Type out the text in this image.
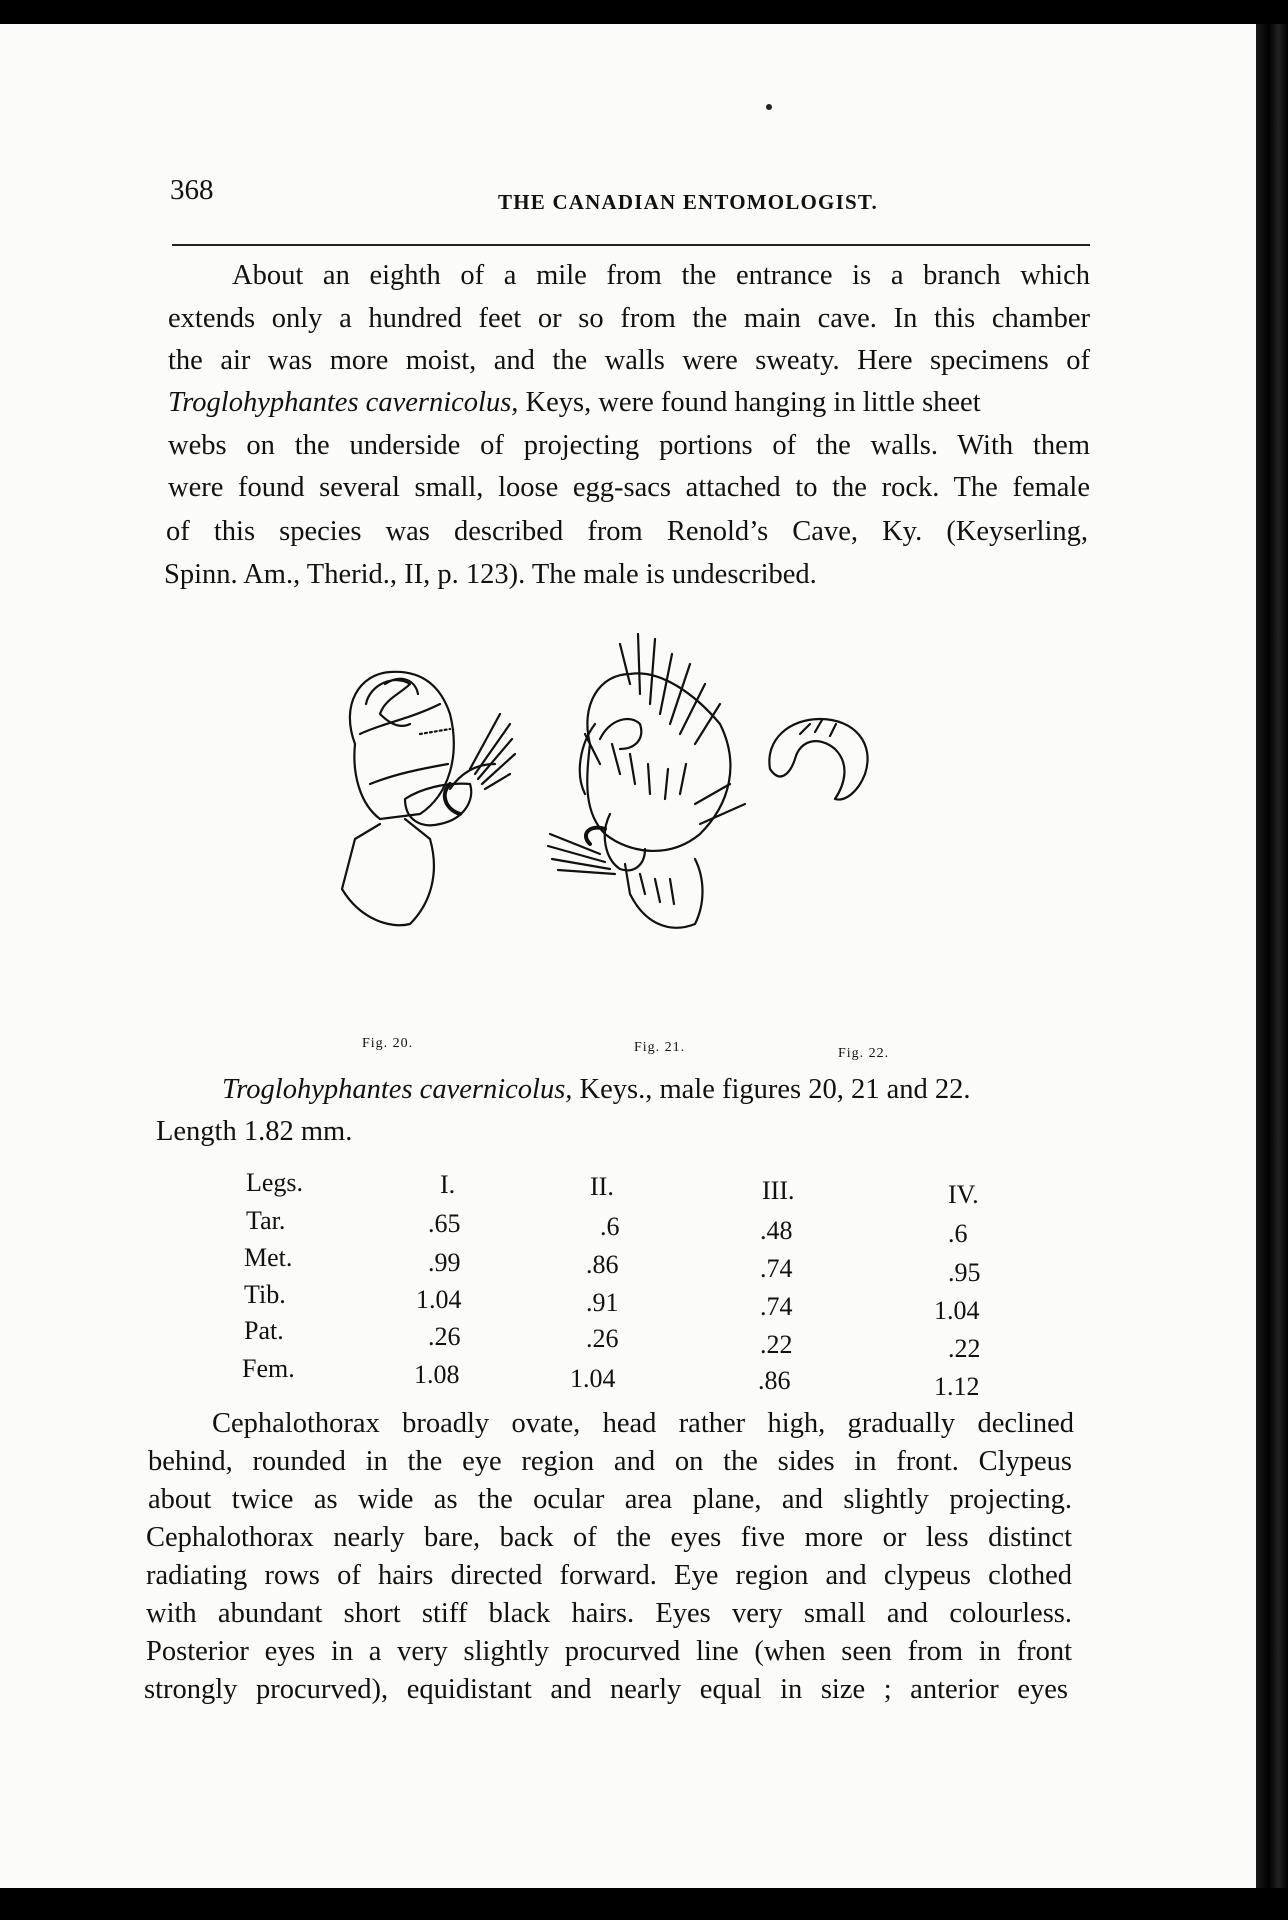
368	THE CANADIAN ENTOMOLOGIST.
About an eighth of a mile from the entrance is a branch which
extends only a hundred feet or so from the main cave. In this chamber
the air was more moist, and the walls were sweaty. Here specimens of
Troglohyphantes cavernicolus, Keys, were found hanging in little sheet
webs on the underside of projecting portions of the walls. With them
were found several small, loose egg-sacs attached to the rock. The female
of this species was described from Renold’s Cave, Ky. (Keyserling,
Spinn. Am., Therid., II, p. 123). The male is undescribed.
Fig. 20.	Fig. 21.	Fig. 22.
Troglohyphantes cavernicolus, Keys., male figures 20, 21 and 22.
Length 1.82 mm.
Legs.	I.	II.	III.	IV.
Tar.	.65	.6	.48	.6
Met.	.99	.86	.74	.95
Tib.	1.04	.91	.74	1.04
Pat.	.26	.26	.22	.22
Fem.	1.08	1.04	.86	1.12
Cephalothorax broadly ovate, head rather high, gradually declined
behind, rounded in the eye region and on the sides in front. Clypeus
about twice as wide as the ocular area plane, and slightly projecting.
Cephalothorax nearly bare, back of the eyes five more or less distinct
radiating rows of hairs directed forward. Eye region and clypeus clothed
with abundant short stiff black hairs. Eyes very small and colourless.
Posterior eyes in a very slightly procurved line (when seen from in front
strongly procurved), equidistant and nearly equal in size ; anterior eyes
